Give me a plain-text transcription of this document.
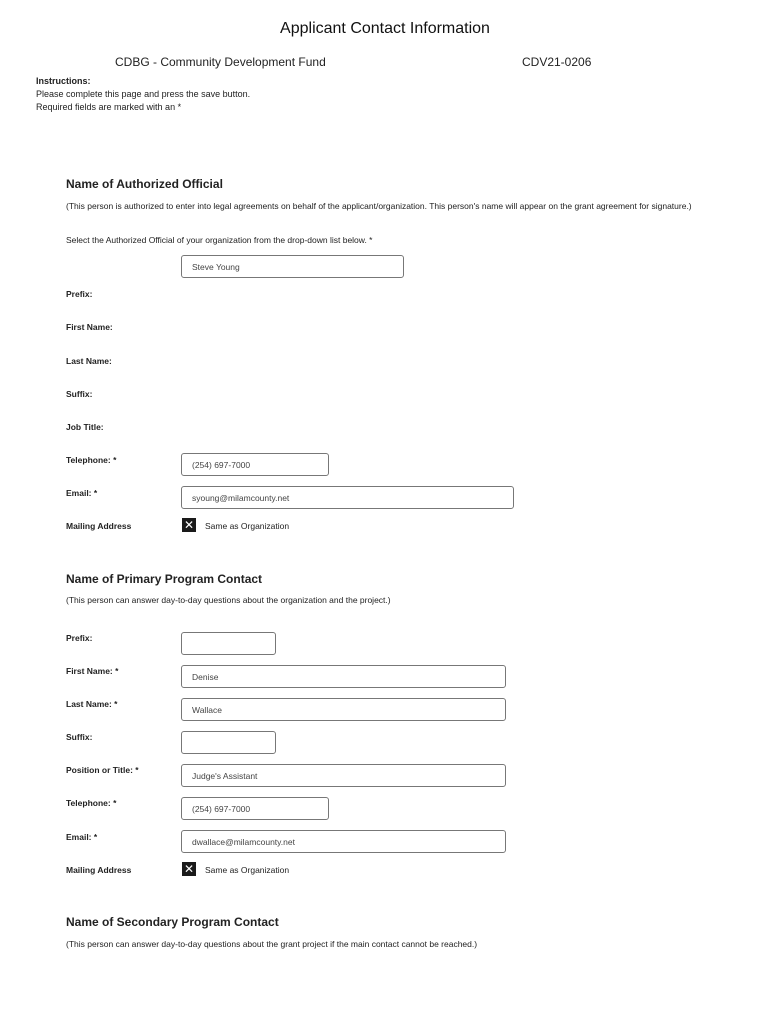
Applicant Contact Information
CDBG - Community Development Fund	CDV21-0206
Instructions:
Please complete this page and press the save button.
Required fields are marked with an *
Name of Authorized Official
(This person is authorized to enter into legal agreements on behalf of the applicant/organization. This person's name will appear on the grant agreement for signature.)
Select the Authorized Official of your organization from the drop-down list below. *
Steve Young
Prefix:
First Name:
Last Name:
Suffix:
Job Title:
Telephone: *	(254) 697-7000
Email: *	syoung@milamcounty.net
Mailing Address	✕ Same as Organization
Name of Primary Program Contact
(This person can answer day-to-day questions about the organization and the project.)
Prefix:
First Name: *
Denise
Last Name: *
Wallace
Suffix:
Position or Title: *
Judge's Assistant
Telephone: *
(254) 697-7000
Email: *	dwallace@milamcounty.net
Mailing Address	✕ Same as Organization
Name of Secondary Program Contact
(This person can answer day-to-day questions about the grant project if the main contact cannot be reached.)
